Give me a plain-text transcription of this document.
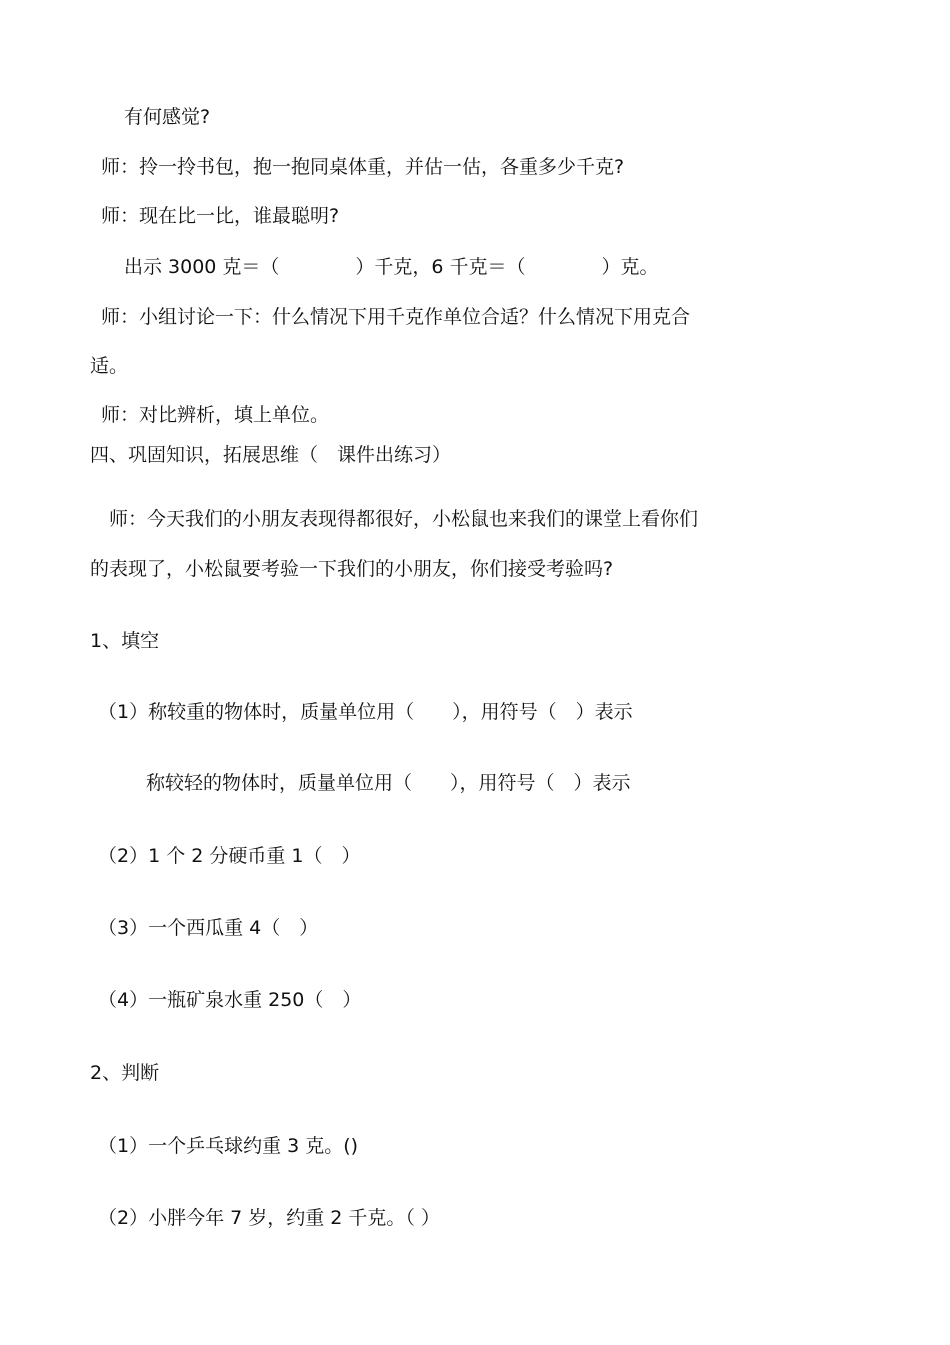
有何感觉?

师：拎一拎书包，抱一抱同桌体重，并估一估，各重多少千克?

师：现在比一比，谁最聪明?

出示 3000 克＝（　　　　）千克，6 千克＝（　　　　）克。

师：小组讨论一下：什么情况下用千克作单位合适？什么情况下用克合

适。

师：对比辨析，填上单位。

四、巩固知识，拓展思维（　课件出练习）

师：今天我们的小朋友表现得都很好，小松鼠也来我们的课堂上看你们

的表现了，小松鼠要考验一下我们的小朋友，你们接受考验吗?

1、填空

（1）称较重的物体时，质量单位用（　　），用符号（　）表示

称较轻的物体时，质量单位用（　　），用符号（　）表示

（2）1 个 2 分硬币重 1（　）

（3）一个西瓜重 4（　）

（4）一瓶矿泉水重 250（　）

2、判断

（1）一个乒乓球约重 3 克。()

（2）小胖今年 7 岁，约重 2 千克。（ ）
